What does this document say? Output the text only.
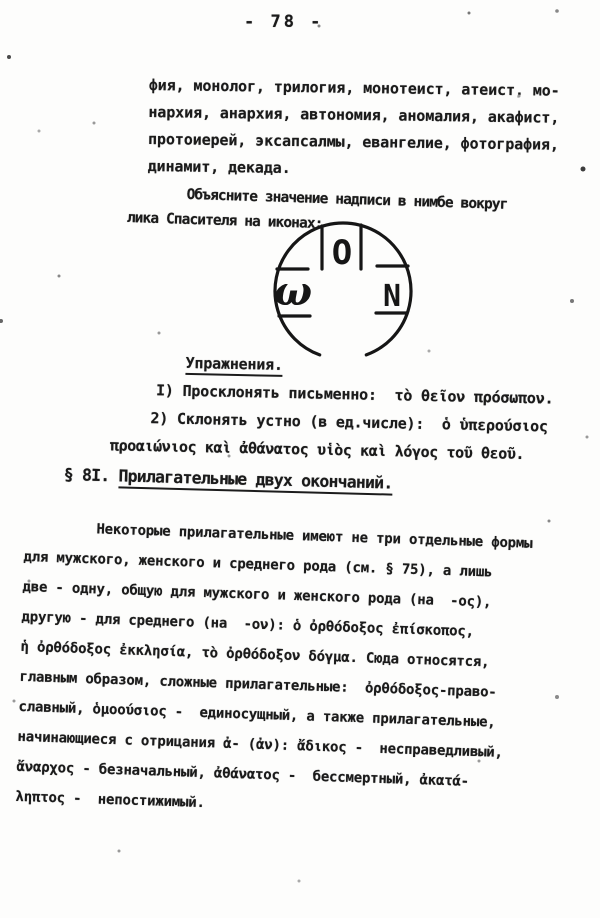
- 78 -
фия, монолог, трилогия, монотеист, атеист, мо-
нархия, анархия, автономия, аномалия, акафист,
протоиерей, эксапсалмы, евангелие, фотография,
динамит, декада.
Объясните значение надписи в нимбе вокруг
лика Спасителя на иконах:
O
ω N
Упражнения.
I) Просклонять письменно:  τὸ θεῖον πρόσωπον.
2) Склонять устно (в ед.числе):  ὁ ὑπερούσιος
προαιώνιος καὶ ἀθάνατος υἱὸς καὶ λόγος τοῦ θεοῦ.
§ 8I. Прилагательные двух окончаний.
Некоторые прилагательные имеют не три отдельные формы
для мужского, женского и среднего рода (см. § 75), а лишь
две - одну, общую для мужского и женского рода (на  -ος),
другую - для среднего (на  -ον): ὁ ὀρθόδοξος ἐπίσκοπος,
ἡ ὀρθόδοξος ἐκκλησία, τὸ ὀρθόδοξον δόγμα. Сюда относятся,
главным образом, сложные прилагательные:  ὀρθόδοξος-право-
славный, ὁμοούσιος -  единосущный, а также прилагательные,
начинающиеся с отрицания ἀ- (ἀν): ἄδικος -  несправедливый,
ἄναρχος - безначальный, ἀθάνατος -  бессмертный, ἀκατά-
ληπτος -  непостижимый.
